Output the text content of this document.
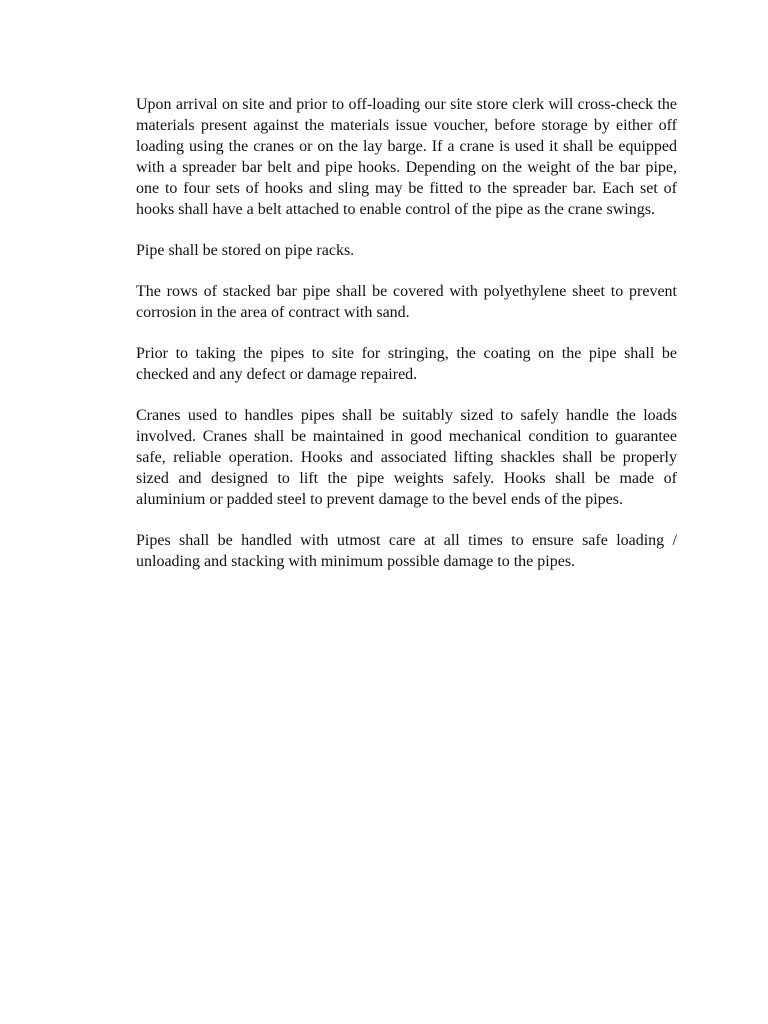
Upon arrival on site and prior to off-loading our site store clerk will cross-check the materials present against the materials issue voucher, before storage by either off loading using the cranes or on the lay barge. If a crane is used it shall be equipped with a spreader bar belt and pipe hooks. Depending on the weight of the bar pipe, one to four sets of hooks and sling may be fitted to the spreader bar. Each set of hooks shall have a belt attached to enable control of the pipe as the crane swings.

Pipe shall be stored on pipe racks.

The rows of stacked bar pipe shall be covered with polyethylene sheet to prevent corrosion in the area of contract with sand.

Prior to taking the pipes to site for stringing, the coating on the pipe shall be checked and any defect or damage repaired.

Cranes used to handles pipes shall be suitably sized to safely handle the loads involved. Cranes shall be maintained in good mechanical condition to guarantee safe, reliable operation. Hooks and associated lifting shackles shall be properly sized and designed to lift the pipe weights safely. Hooks shall be made of aluminium or padded steel to prevent damage to the bevel ends of the pipes.

Pipes shall be handled with utmost care at all times to ensure safe loading / unloading and stacking with minimum possible damage to the pipes.
